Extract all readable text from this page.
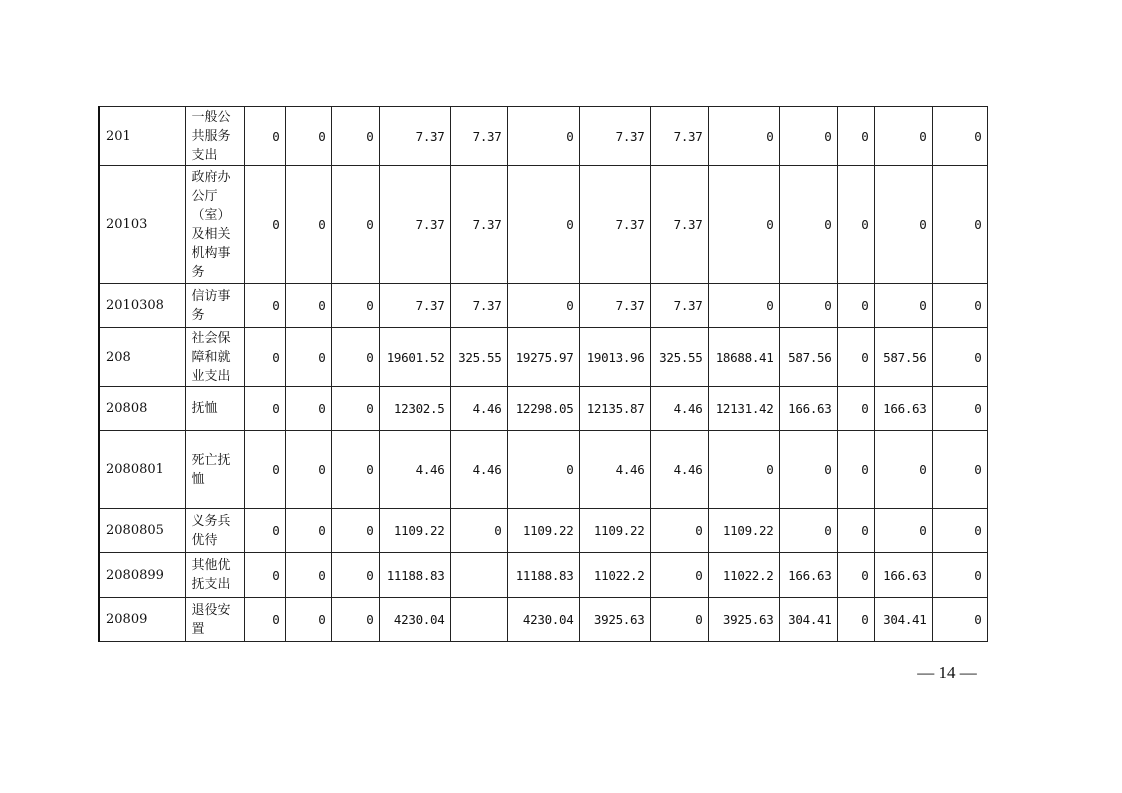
201	一般公共服务支出	0	0	0	7.37	7.37	0	7.37	7.37	0	0	0	0	0
20103	政府办公厅（室）及相关机构事务	0	0	0	7.37	7.37	0	7.37	7.37	0	0	0	0	0
2010308	信访事务	0	0	0	7.37	7.37	0	7.37	7.37	0	0	0	0	0
208	社会保障和就业支出	0	0	0	19601.52	325.55	19275.97	19013.96	325.55	18688.41	587.56	0	587.56	0
20808	抚恤	0	0	0	12302.5	4.46	12298.05	12135.87	4.46	12131.42	166.63	0	166.63	0
2080801	死亡抚恤	0	0	0	4.46	4.46	0	4.46	4.46	0	0	0	0	0
2080805	义务兵优待	0	0	0	1109.22	0	1109.22	1109.22	0	1109.22	0	0	0	0
2080899	其他优抚支出	0	0	0	11188.83		11188.83	11022.2	0	11022.2	166.63	0	166.63	0
20809	退役安置	0	0	0	4230.04		4230.04	3925.63	0	3925.63	304.41	0	304.41	0
— 14 —
